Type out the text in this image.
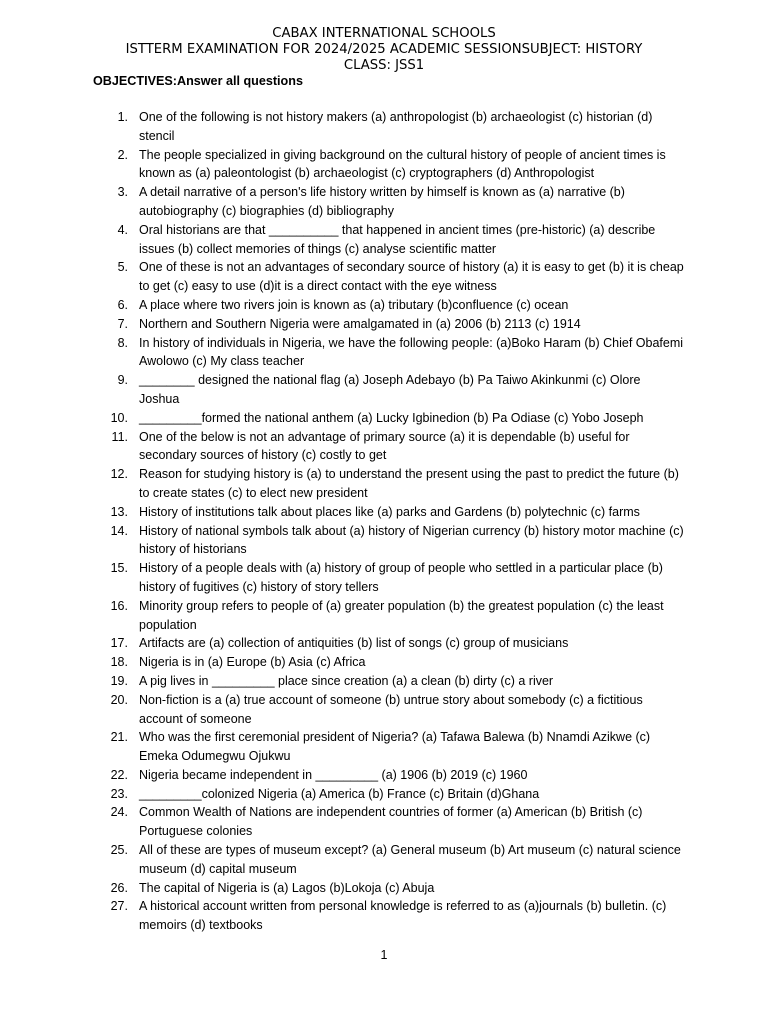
CABAX INTERNATIONAL SCHOOLS
ISTTERM EXAMINATION FOR 2024/2025 ACADEMIC SESSIONSUBJECT: HISTORY
CLASS: JSS1
OBJECTIVES:Answer all questions
1. One of the following is not history makers (a) anthropologist (b) archaeologist (c) historian (d) stencil
2. The people specialized in giving background on the cultural history of people of ancient times is known as (a) paleontologist (b) archaeologist (c) cryptographers (d) Anthropologist
3. A detail narrative of a person's life history written by himself is known as (a) narrative (b) autobiography (c) biographies (d) bibliography
4. Oral historians are that __________ that happened in ancient times (pre-historic) (a) describe issues (b) collect memories of things (c) analyse scientific matter
5. One of these is not an advantages of secondary source of history (a) it is easy to get (b) it is cheap to get (c) easy to use (d)it is a direct contact with the eye witness
6. A place where two rivers join is known as (a) tributary (b)confluence (c) ocean
7. Northern and Southern Nigeria were amalgamated in (a) 2006 (b) 2113 (c) 1914
8. In history of individuals in Nigeria, we have the following people: (a)Boko Haram (b) Chief Obafemi Awolowo (c) My class teacher
9. ________ designed the national flag (a) Joseph Adebayo (b) Pa Taiwo Akinkunmi (c) Olore Joshua
10. _________formed the national anthem (a) Lucky Igbinedion (b) Pa Odiase (c) Yobo Joseph
11. One of the below is not an advantage of primary source (a) it is dependable (b) useful for secondary sources of history (c) costly to get
12. Reason for studying history is (a) to understand the present using the past to predict the future (b) to create states (c) to elect new president
13. History of institutions talk about places like (a) parks and Gardens (b) polytechnic (c) farms
14. History of national symbols talk about (a) history of Nigerian currency (b) history motor machine (c) history of historians
15. History of a people deals with (a) history of group of people who settled in a particular place (b) history of fugitives (c) history of story tellers
16. Minority group refers to people of (a) greater population (b) the greatest population (c) the least population
17. Artifacts are (a) collection of antiquities (b) list of songs (c) group of musicians
18. Nigeria is in (a) Europe (b) Asia (c) Africa
19. A pig lives in _________ place since creation (a) a clean (b) dirty (c) a river
20. Non-fiction is a (a) true account of someone (b) untrue story about somebody (c) a fictitious account of someone
21. Who was the first ceremonial president of Nigeria? (a) Tafawa Balewa (b) Nnamdi Azikwe (c) Emeka Odumegwu Ojukwu
22. Nigeria became independent in _________ (a) 1906 (b) 2019 (c) 1960
23. _________colonized Nigeria (a) America (b) France (c) Britain (d)Ghana
24. Common Wealth of Nations are independent countries of former (a) American (b) British (c) Portuguese colonies
25. All of these are types of museum except? (a) General museum (b) Art museum (c) natural science museum (d) capital museum
26. The capital of Nigeria is (a) Lagos (b)Lokoja (c) Abuja
27. A historical account written from personal knowledge is referred to as (a)journals (b) bulletin. (c) memoirs (d) textbooks
1
